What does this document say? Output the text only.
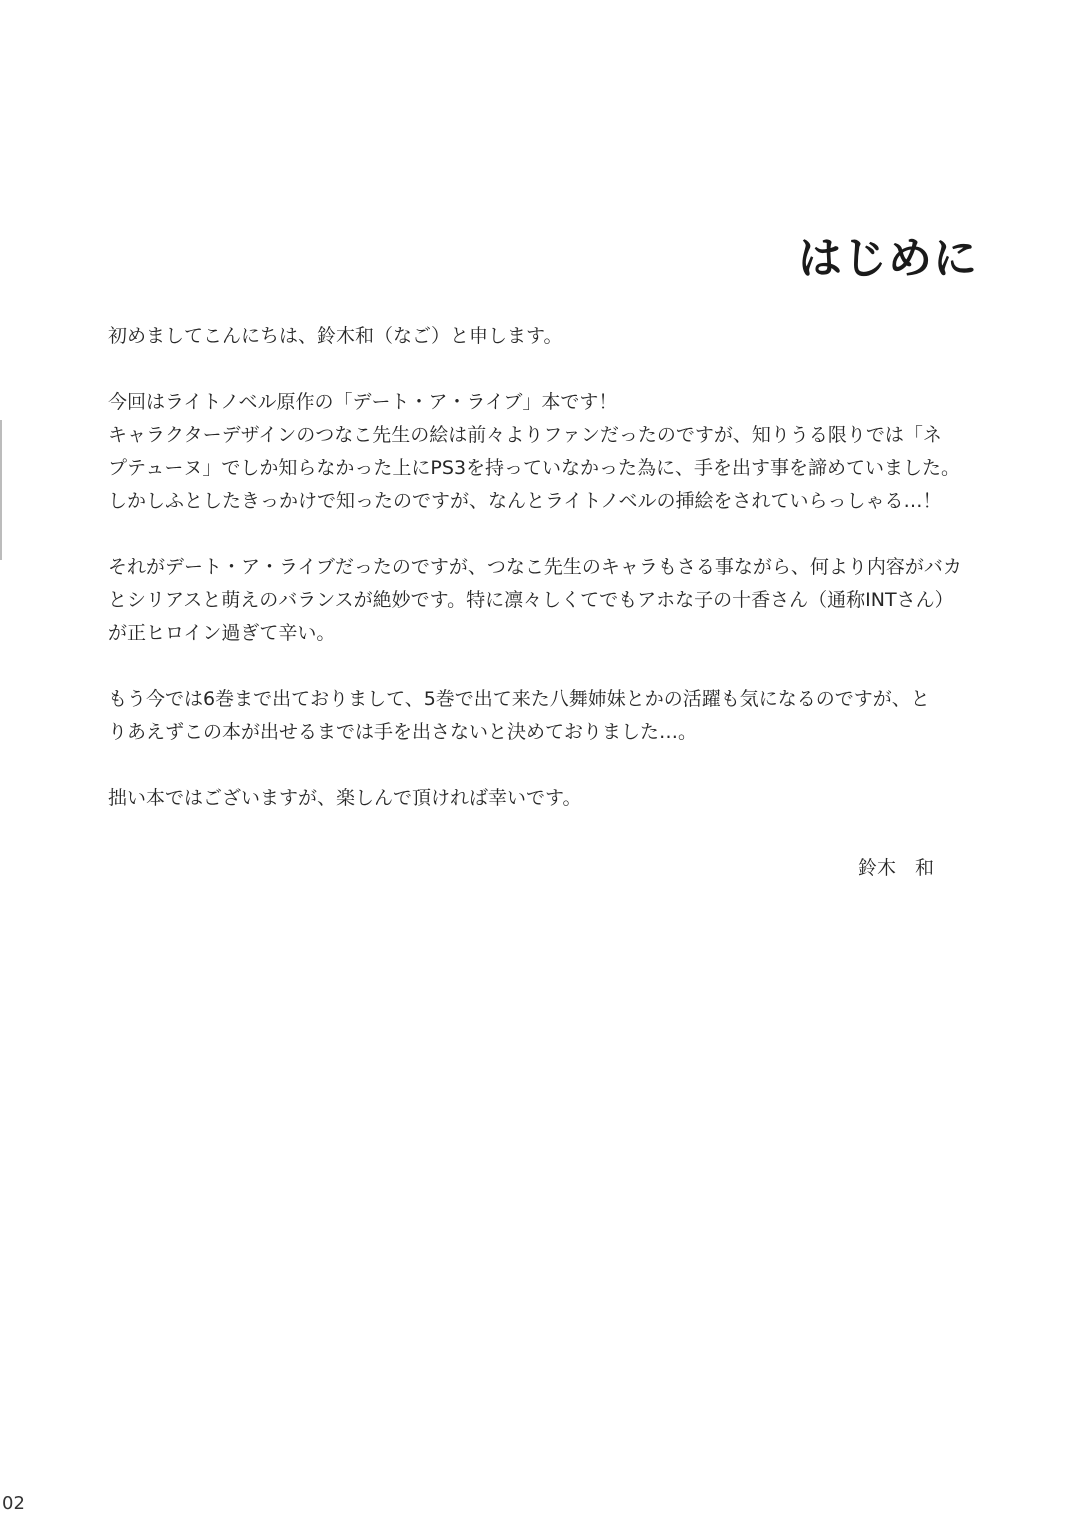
はじめに
初めましてこんにちは、鈴木和（なご）と申します。
今回はライトノベル原作の「デート・ア・ライブ」本です！
キャラクターデザインのつなこ先生の絵は前々よりファンだったのですが、知りうる限りでは「ネ
プテューヌ」でしか知らなかった上にPS3を持っていなかった為に、手を出す事を諦めていました。
しかしふとしたきっかけで知ったのですが、なんとライトノベルの挿絵をされていらっしゃる…！
それがデート・ア・ライブだったのですが、つなこ先生のキャラもさる事ながら、何より内容がバカ
とシリアスと萌えのバランスが絶妙です。特に凛々しくてでもアホな子の十香さん（通称INTさん）
が正ヒロイン過ぎて辛い。
もう今では6巻まで出ておりまして、5巻で出て来た八舞姉妹とかの活躍も気になるのですが、と
りあえずこの本が出せるまでは手を出さないと決めておりました…。
拙い本ではございますが、楽しんで頂ければ幸いです。
鈴木　和
02
